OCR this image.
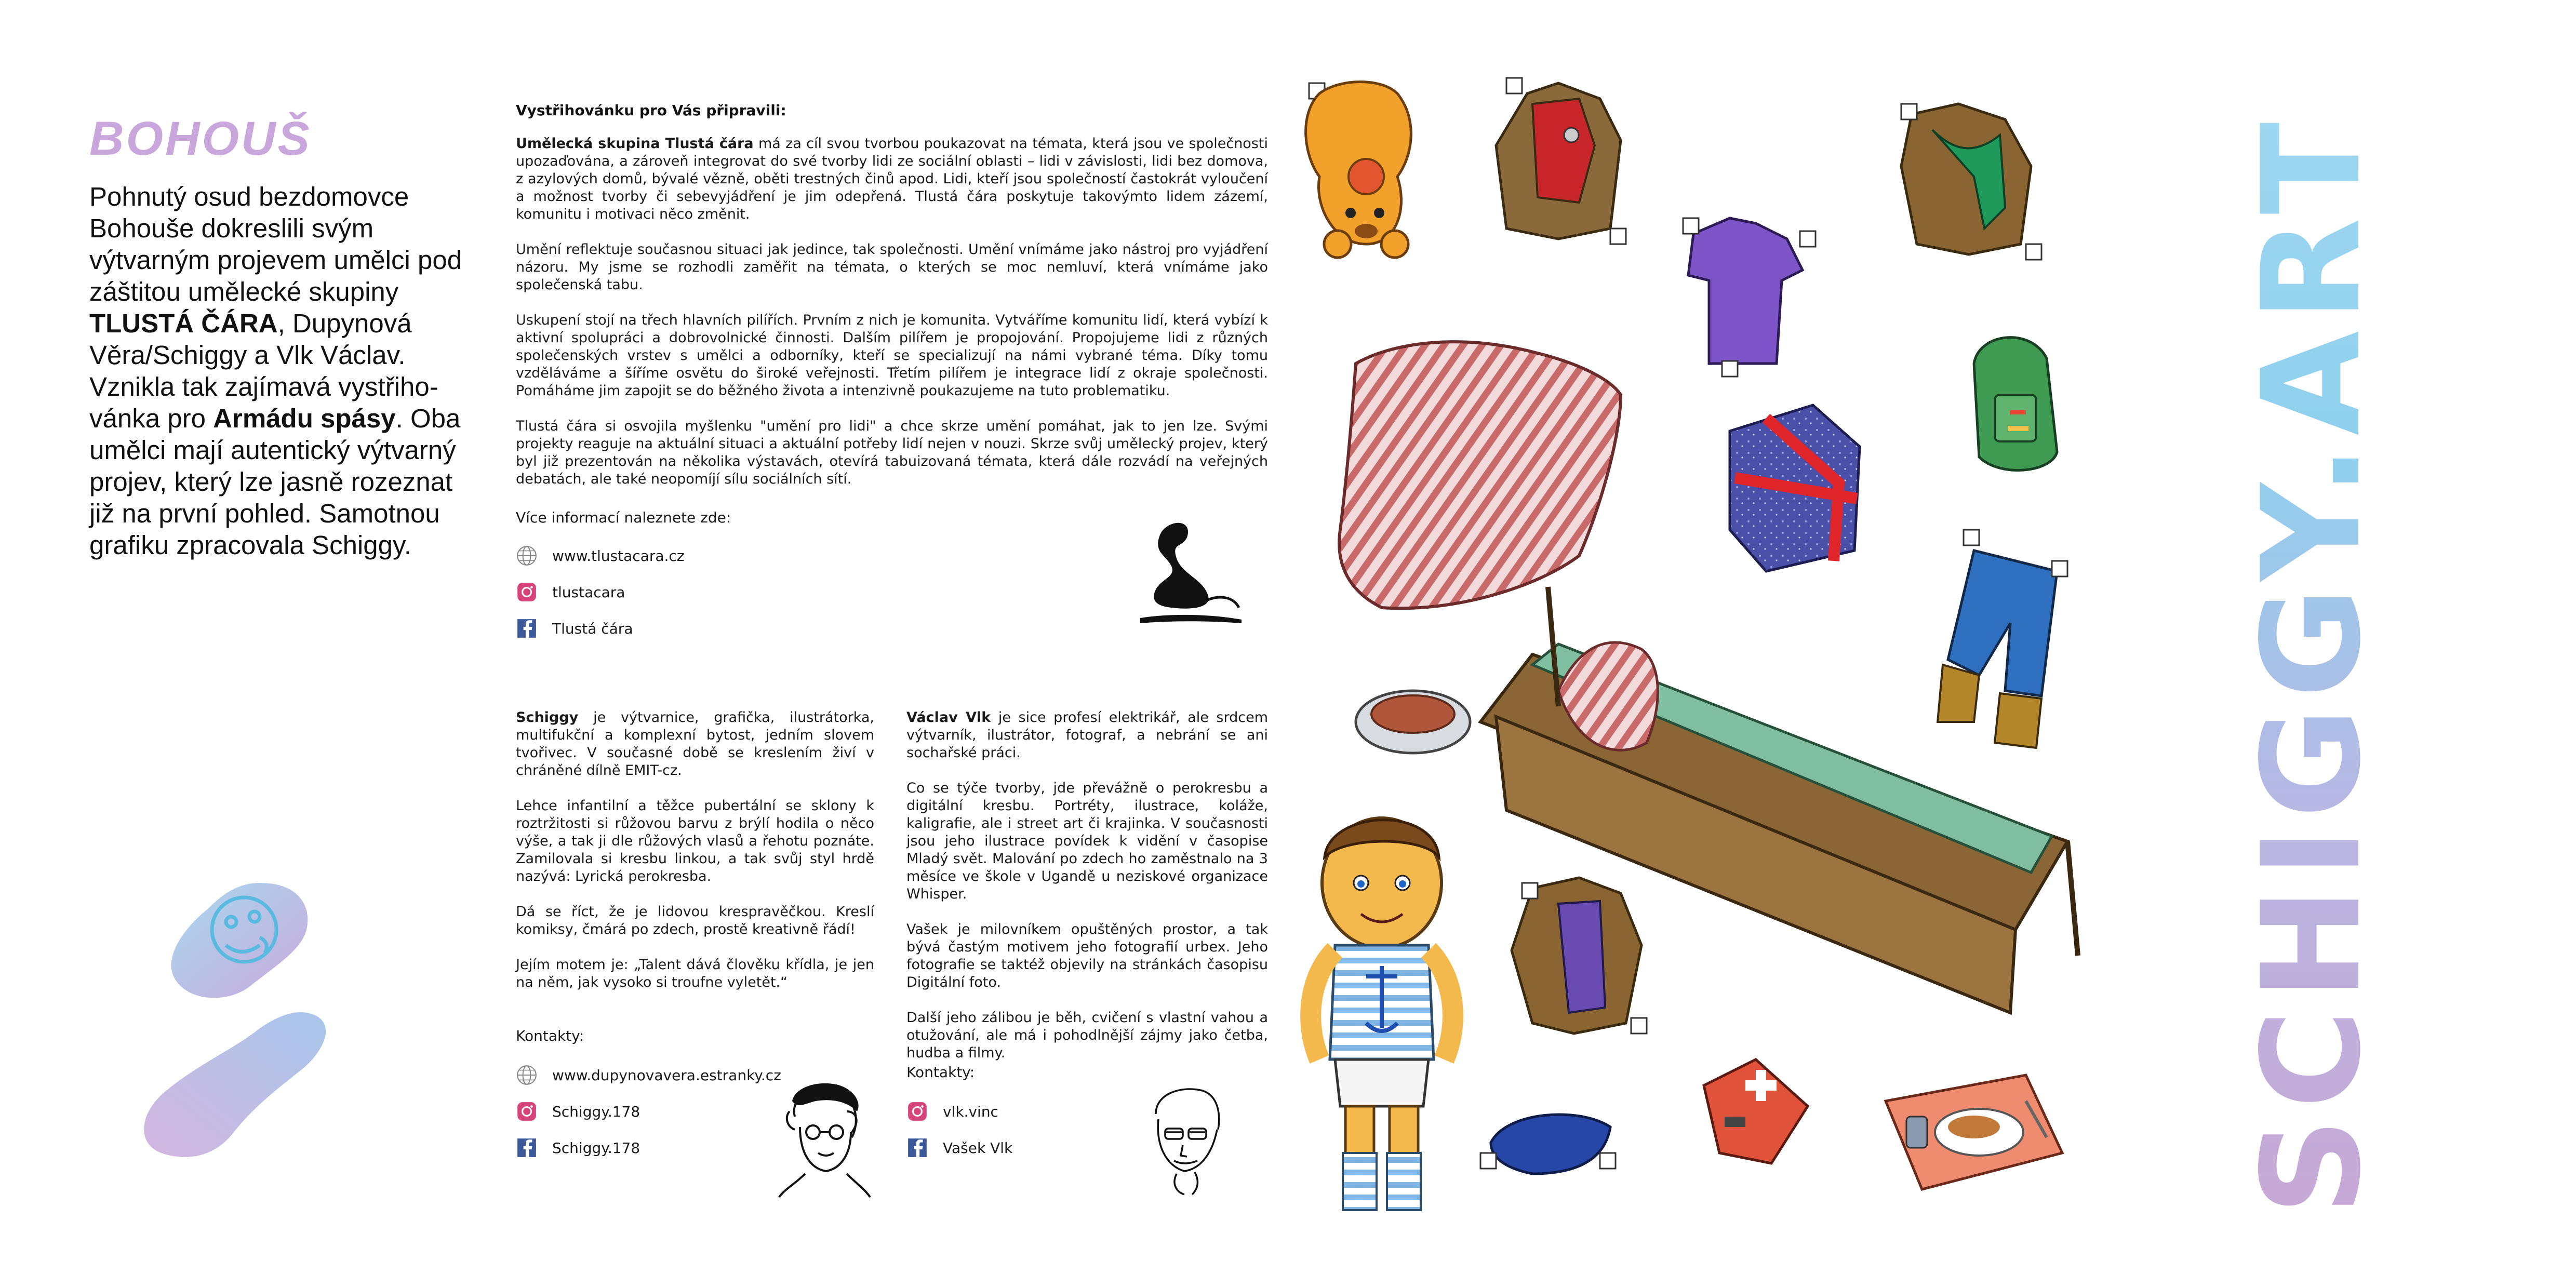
BOHOUŠ

Pohnutý osud bezdomovce Bohouše dokreslili svým výtvarným projevem umělci pod záštitou umělecké skupiny TLUSTÁ ČÁRA, Dupynová Věra/Schiggy a Vlk Václav. Vznikla tak zajímavá vystřiho-vánka pro Armádu spásy. Oba umělci mají autentický výtvarný projev, který lze jasně rozeznat již na první pohled. Samotnou grafiku zpracovala Schiggy.

Vystřihovánku pro Vás připravili:

Umělecká skupina Tlustá čára má za cíl svou tvorbou poukazovat na témata, která jsou ve společnosti upozaďována, a zároveň integrovat do své tvorby lidi ze sociální oblasti – lidi v závislosti, lidi bez domova, z azylových domů, bývalé vězně, oběti trestných činů apod. Lidi, kteří jsou společností častokrát vyloučení a možnost tvorby či sebevyjádření je jim odepřená. Tlustá čára poskytuje takovýmto lidem zázemí, komunitu i motivaci něco změnit.

Umění reflektuje současnou situaci jak jedince, tak společnosti. Umění vnímáme jako nástroj pro vyjádření názoru. My jsme se rozhodli zaměřit na témata, o kterých se moc nemluví, která vnímáme jako společenská tabu.

Uskupení stojí na třech hlavních pilířích. Prvním z nich je komunita. Vytváříme komunitu lidí, která vybízí k aktivní spolupráci a dobrovolnické činnosti. Dalším pilířem je propojování. Propojujeme lidi z různých společenských vrstev s umělci a odborníky, kteří se specializují na námi vybrané téma. Díky tomu vzděláváme a šíříme osvětu do široké veřejnosti. Třetím pilířem je integrace lidí z okraje společnosti. Pomáháme jim zapojit se do běžného života a intenzivně poukazujeme na tuto problematiku.

Tlustá čára si osvojila myšlenku "umění pro lidi" a chce skrze umění pomáhat, jak to jen lze. Svými projekty reaguje na aktuální situaci a aktuální potřeby lidí nejen v nouzi. Skrze svůj umělecký projev, který byl již prezentován na několika výstavách, otevírá tabuizovaná témata, která dále rozvádí na veřejných debatách, ale také neopomíjí sílu sociálních sítí.

Více informací naleznete zde:
www.tlustacara.cz
tlustacara
Tlustá čára

Schiggy je výtvarnice, grafička, ilustrátorka, multifukční a komplexní bytost, jedním slovem tvořivec. V současné době se kreslením živí v chráněné dílně EMIT-cz.

Lehce infantilní a těžce pubertální se sklony k roztržitosti si růžovou barvu z brýlí hodila o něco výše, a tak ji dle růžových vlasů a řehotu poznáte. Zamilovala si kresbu linkou, a tak svůj styl hrdě nazývá: Lyrická perokresba.

Dá se říct, že je lidovou krespravěčkou. Kreslí komiksy, čmárá po zdech, prostě kreativně řádí!

Jejím motem je: „Talent dává člověku křídla, je jen na něm, jak vysoko si troufne vyletět.“

Kontakty:
www.dupynovavera.estranky.cz
Schiggy.178
Schiggy.178

Václav Vlk je sice profesí elektrikář, ale srdcem výtvarník, ilustrátor, fotograf, a nebrání se ani sochařské práci.

Co se týče tvorby, jde převážně o perokresbu a digitální kresbu. Portréty, ilustrace, koláže, kaligrafie, ale i street art či krajinka. V současnosti jsou jeho ilustrace povídek k vidění v časopise Mladý svět. Malování po zdech ho zaměstnalo na 3 měsíce ve škole v Ugandě u neziskové organizace Whisper.

Vašek je milovníkem opuštěných prostor, a tak bývá častým motivem jeho fotografií urbex. Jeho fotografie se taktéž objevily na stránkách časopisu Digitální foto.

Další jeho zálibou je běh, cvičení s vlastní vahou a otužování, ale má i pohodlnější zájmy jako četba, hudba a filmy.

Kontakty:
vlk.vinc
Vašek Vlk	SCHIGGY.ART
